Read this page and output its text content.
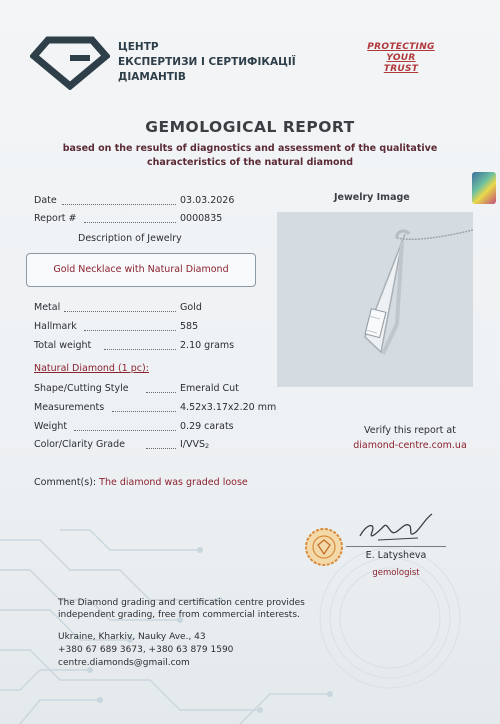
ЦЕНТР
ЕКСПЕРТИЗИ І СЕРТИФІКАЦІЇ
ДІАМАНТІВ
PROTECTING
YOUR
TRUST
GEMOLOGICAL REPORT
based on the results of diagnostics and assessment of the qualitative characteristics of the natural diamond
Date	03.03.2026
Report #	0000835
Description of Jewelry
Gold Necklace with Natural Diamond
Metal	Gold
Hallmark	585
Total weight	2.10 grams
Natural Diamond (1 pc):
Shape/Cutting Style	Emerald Cut
Measurements	4.52x3.17x2.20 mm
Weight	0.29 carats
Color/Clarity Grade	I/VVS2
Jewelry Image
Verify this report at
diamond-centre.com.ua
Comment(s): The diamond was graded loose
E. Latysheva
gemologist
The Diamond grading and certification centre provides independent grading, free from commercial interests.
Ukraine, Kharkiv, Nauky Ave., 43
+380 67 689 3673, +380 63 879 1590
centre.diamonds@gmail.com
